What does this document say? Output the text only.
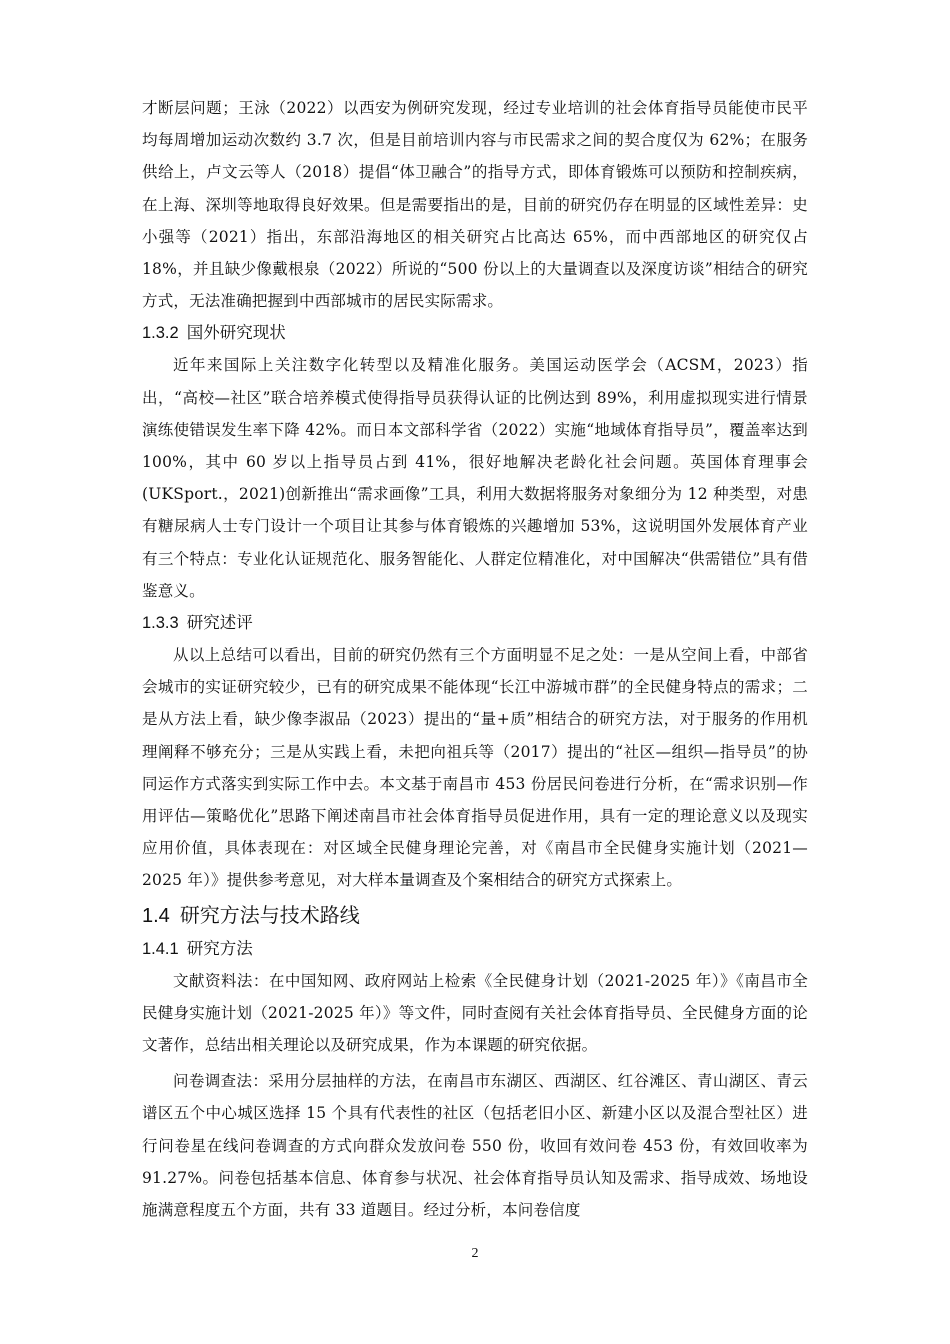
才断层问题；王泳（2022）以西安为例研究发现，经过专业培训的社会体育指导员能使市民平均每周增加运动次数约 3.7 次，但是目前培训内容与市民需求之间的契合度仅为 62%；在服务供给上，卢文云等人（2018）提倡“体卫融合”的指导方式，即体育锻炼可以预防和控制疾病，在上海、深圳等地取得良好效果。但是需要指出的是，目前的研究仍存在明显的区域性差异：史小强等（2021）指出，东部沿海地区的相关研究占比高达 65%，而中西部地区的研究仅占 18%，并且缺少像戴根泉（2022）所说的“500 份以上的大量调查以及深度访谈”相结合的研究方式，无法准确把握到中西部城市的居民实际需求。

1.3.2 国外研究现状

近年来国际上关注数字化转型以及精准化服务。美国运动医学会（ACSM，2023）指出，“高校—社区”联合培养模式使得指导员获得认证的比例达到 89%，利用虚拟现实进行情景演练使错误发生率下降 42%。而日本文部科学省（2022）实施“地域体育指导员”，覆盖率达到 100%，其中 60 岁以上指导员占到 41%，很好地解决老龄化社会问题。英国体育理事会(UKSport.，2021)创新推出“需求画像”工具，利用大数据将服务对象细分为 12 种类型，对患有糖尿病人士专门设计一个项目让其参与体育锻炼的兴趣增加 53%，这说明国外发展体育产业有三个特点：专业化认证规范化、服务智能化、人群定位精准化，对中国解决“供需错位”具有借鉴意义。

1.3.3 研究述评

从以上总结可以看出，目前的研究仍然有三个方面明显不足之处：一是从空间上看，中部省会城市的实证研究较少，已有的研究成果不能体现“长江中游城市群”的全民健身特点的需求；二是从方法上看，缺少像李淑品（2023）提出的“量+质”相结合的研究方法，对于服务的作用机理阐释不够充分；三是从实践上看，未把向祖兵等（2017）提出的“社区—组织—指导员”的协同运作方式落实到实际工作中去。本文基于南昌市 453 份居民问卷进行分析，在“需求识别—作用评估—策略优化”思路下阐述南昌市社会体育指导员促进作用，具有一定的理论意义以及现实应用价值，具体表现在：对区域全民健身理论完善，对《南昌市全民健身实施计划（2021—2025 年）》提供参考意见，对大样本量调查及个案相结合的研究方式探索上。

1.4 研究方法与技术路线
1.4.1 研究方法

文献资料法：在中国知网、政府网站上检索《全民健身计划（2021-2025 年）》《南昌市全民健身实施计划（2021-2025 年）》等文件，同时查阅有关社会体育指导员、全民健身方面的论文著作，总结出相关理论以及研究成果，作为本课题的研究依据。

问卷调查法：采用分层抽样的方法，在南昌市东湖区、西湖区、红谷滩区、青山湖区、青云谱区五个中心城区选择 15 个具有代表性的社区（包括老旧小区、新建小区以及混合型社区）进行问卷星在线问卷调查的方式向群众发放问卷 550 份，收回有效问卷 453 份，有效回收率为 91.27%。问卷包括基本信息、体育参与状况、社会体育指导员认知及需求、指导成效、场地设施满意程度五个方面，共有 33 道题目。经过分析，本问卷信度

2
